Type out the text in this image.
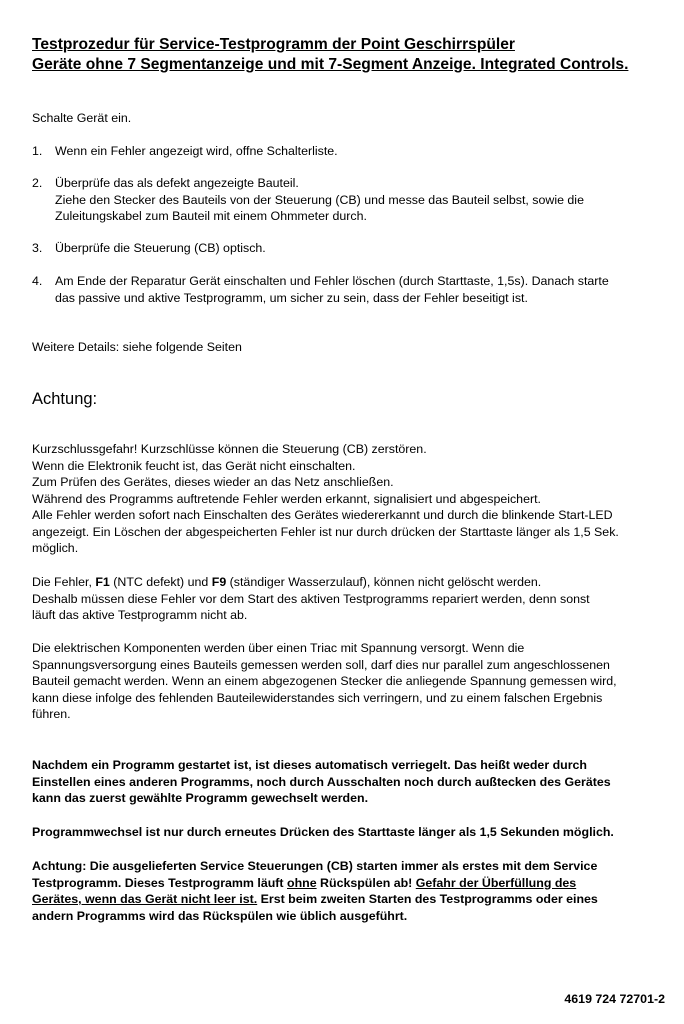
Testprozedur für Service-Testprogramm der Point Geschirrspüler
Geräte ohne 7 Segmentanzeige und mit 7-Segment Anzeige. Integrated Controls.
Schalte Gerät ein.
1. Wenn ein Fehler angezeigt wird, offne Schalterliste.
2. Überprüfe das als defekt angezeigte Bauteil.
Ziehe den Stecker des Bauteils von der Steuerung (CB) und messe das Bauteil selbst, sowie die
Zuleitungskabel zum Bauteil mit einem Ohmmeter durch.
3. Überprüfe die Steuerung (CB) optisch.
4. Am Ende der Reparatur Gerät einschalten und Fehler löschen (durch Starttaste, 1,5s). Danach starte
das passive und aktive Testprogramm, um sicher zu sein, dass der Fehler beseitigt ist.
Weitere Details: siehe folgende Seiten
Achtung:
Kurzschlussgefahr! Kurzschlüsse können die Steuerung (CB) zerstören.
Wenn die Elektronik feucht ist, das Gerät nicht einschalten.
Zum Prüfen des Gerätes, dieses wieder an das Netz anschließen.
Während des Programms auftretende Fehler werden erkannt, signalisiert und abgespeichert.
Alle Fehler werden sofort nach Einschalten des Gerätes wiedererkannt und durch die blinkende Start-LED
angezeigt. Ein Löschen der abgespeicherten Fehler ist nur durch drücken der Starttaste länger als 1,5 Sek.
möglich.
Die Fehler, F1 (NTC defekt) und F9 (ständiger Wasserzulauf), können nicht gelöscht werden.
Deshalb müssen diese Fehler vor dem Start des aktiven Testprogramms repariert werden, denn sonst
läuft das aktive Testprogramm nicht ab.
Die elektrischen Komponenten werden über einen Triac mit Spannung versorgt. Wenn die
Spannungsversorgung eines Bauteils gemessen werden soll, darf dies nur parallel zum angeschlossenen
Bauteil gemacht werden. Wenn an einem abgezogenen Stecker die anliegende Spannung gemessen wird,
kann diese infolge des fehlenden Bauteilewiderstandes sich verringern, und zu einem falschen Ergebnis
führen.
Nachdem ein Programm gestartet ist, ist dieses automatisch verriegelt. Das heißt weder durch
Einstellen eines anderen Programms, noch durch Ausschalten noch durch außtecken des Gerätes
kann das zuerst gewählte Programm gewechselt werden.
Programmwechsel ist nur durch erneutes Drücken des Starttaste länger als 1,5 Sekunden möglich.
Achtung: Die ausgelieferten Service Steuerungen (CB) starten immer als erstes mit dem Service
Testprogramm. Dieses Testprogramm läuft ohne Rückspülen ab! Gefahr der Überfüllung des
Gerätes, wenn das Gerät nicht leer ist. Erst beim zweiten Starten des Testprogramms oder eines
andern Programms wird das Rückspülen wie üblich ausgeführt.
4619 724 72701-2
